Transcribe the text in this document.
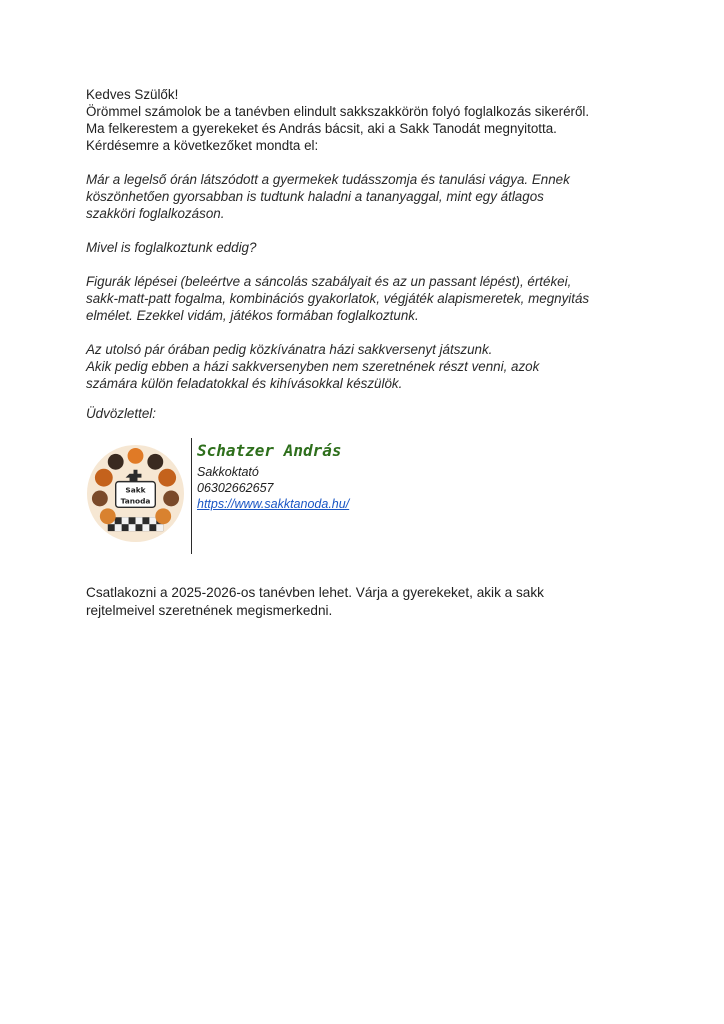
Kedves Szülők!
Örömmel számolok be a tanévben elindult sakkszakkörön folyó foglalkozás sikeréről.
Ma felkerestem a gyerekeket és András bácsit, aki a Sakk Tanodát megnyitotta.
Kérdésemre a következőket mondta el:
Már a legelső órán látszódott a gyermekek tudásszomja és tanulási vágya. Ennek
köszönhetően gyorsabban is tudtunk haladni a tananyaggal, mint egy átlagos
szakköri foglalkozáson.
Mivel is foglalkoztunk eddig?
Figurák lépései (beleértve a sáncolás szabályait és az un passant lépést), értékei,
sakk-matt-patt fogalma, kombinációs gyakorlatok, végjáték alapismeretek, megnyitás
elmélet. Ezekkel vidám, játékos formában foglalkoztunk.
Az utolsó pár órában pedig közkívánatra házi sakkversenyt játszunk.
Akik pedig ebben a házi sakkversenyben nem szeretnének részt venni, azok
számára külön feladatokkal és kihívásokkal készülök.
Üdvözlettel:
Sakk
Tanoda
Schatzer András
Sakkoktató
06302662657
https://www.sakktanoda.hu/
Csatlakozni a 2025-2026-os tanévben lehet. Várja a gyerekeket, akik a sakk
rejtelmeivel szeretnének megismerkedni.
